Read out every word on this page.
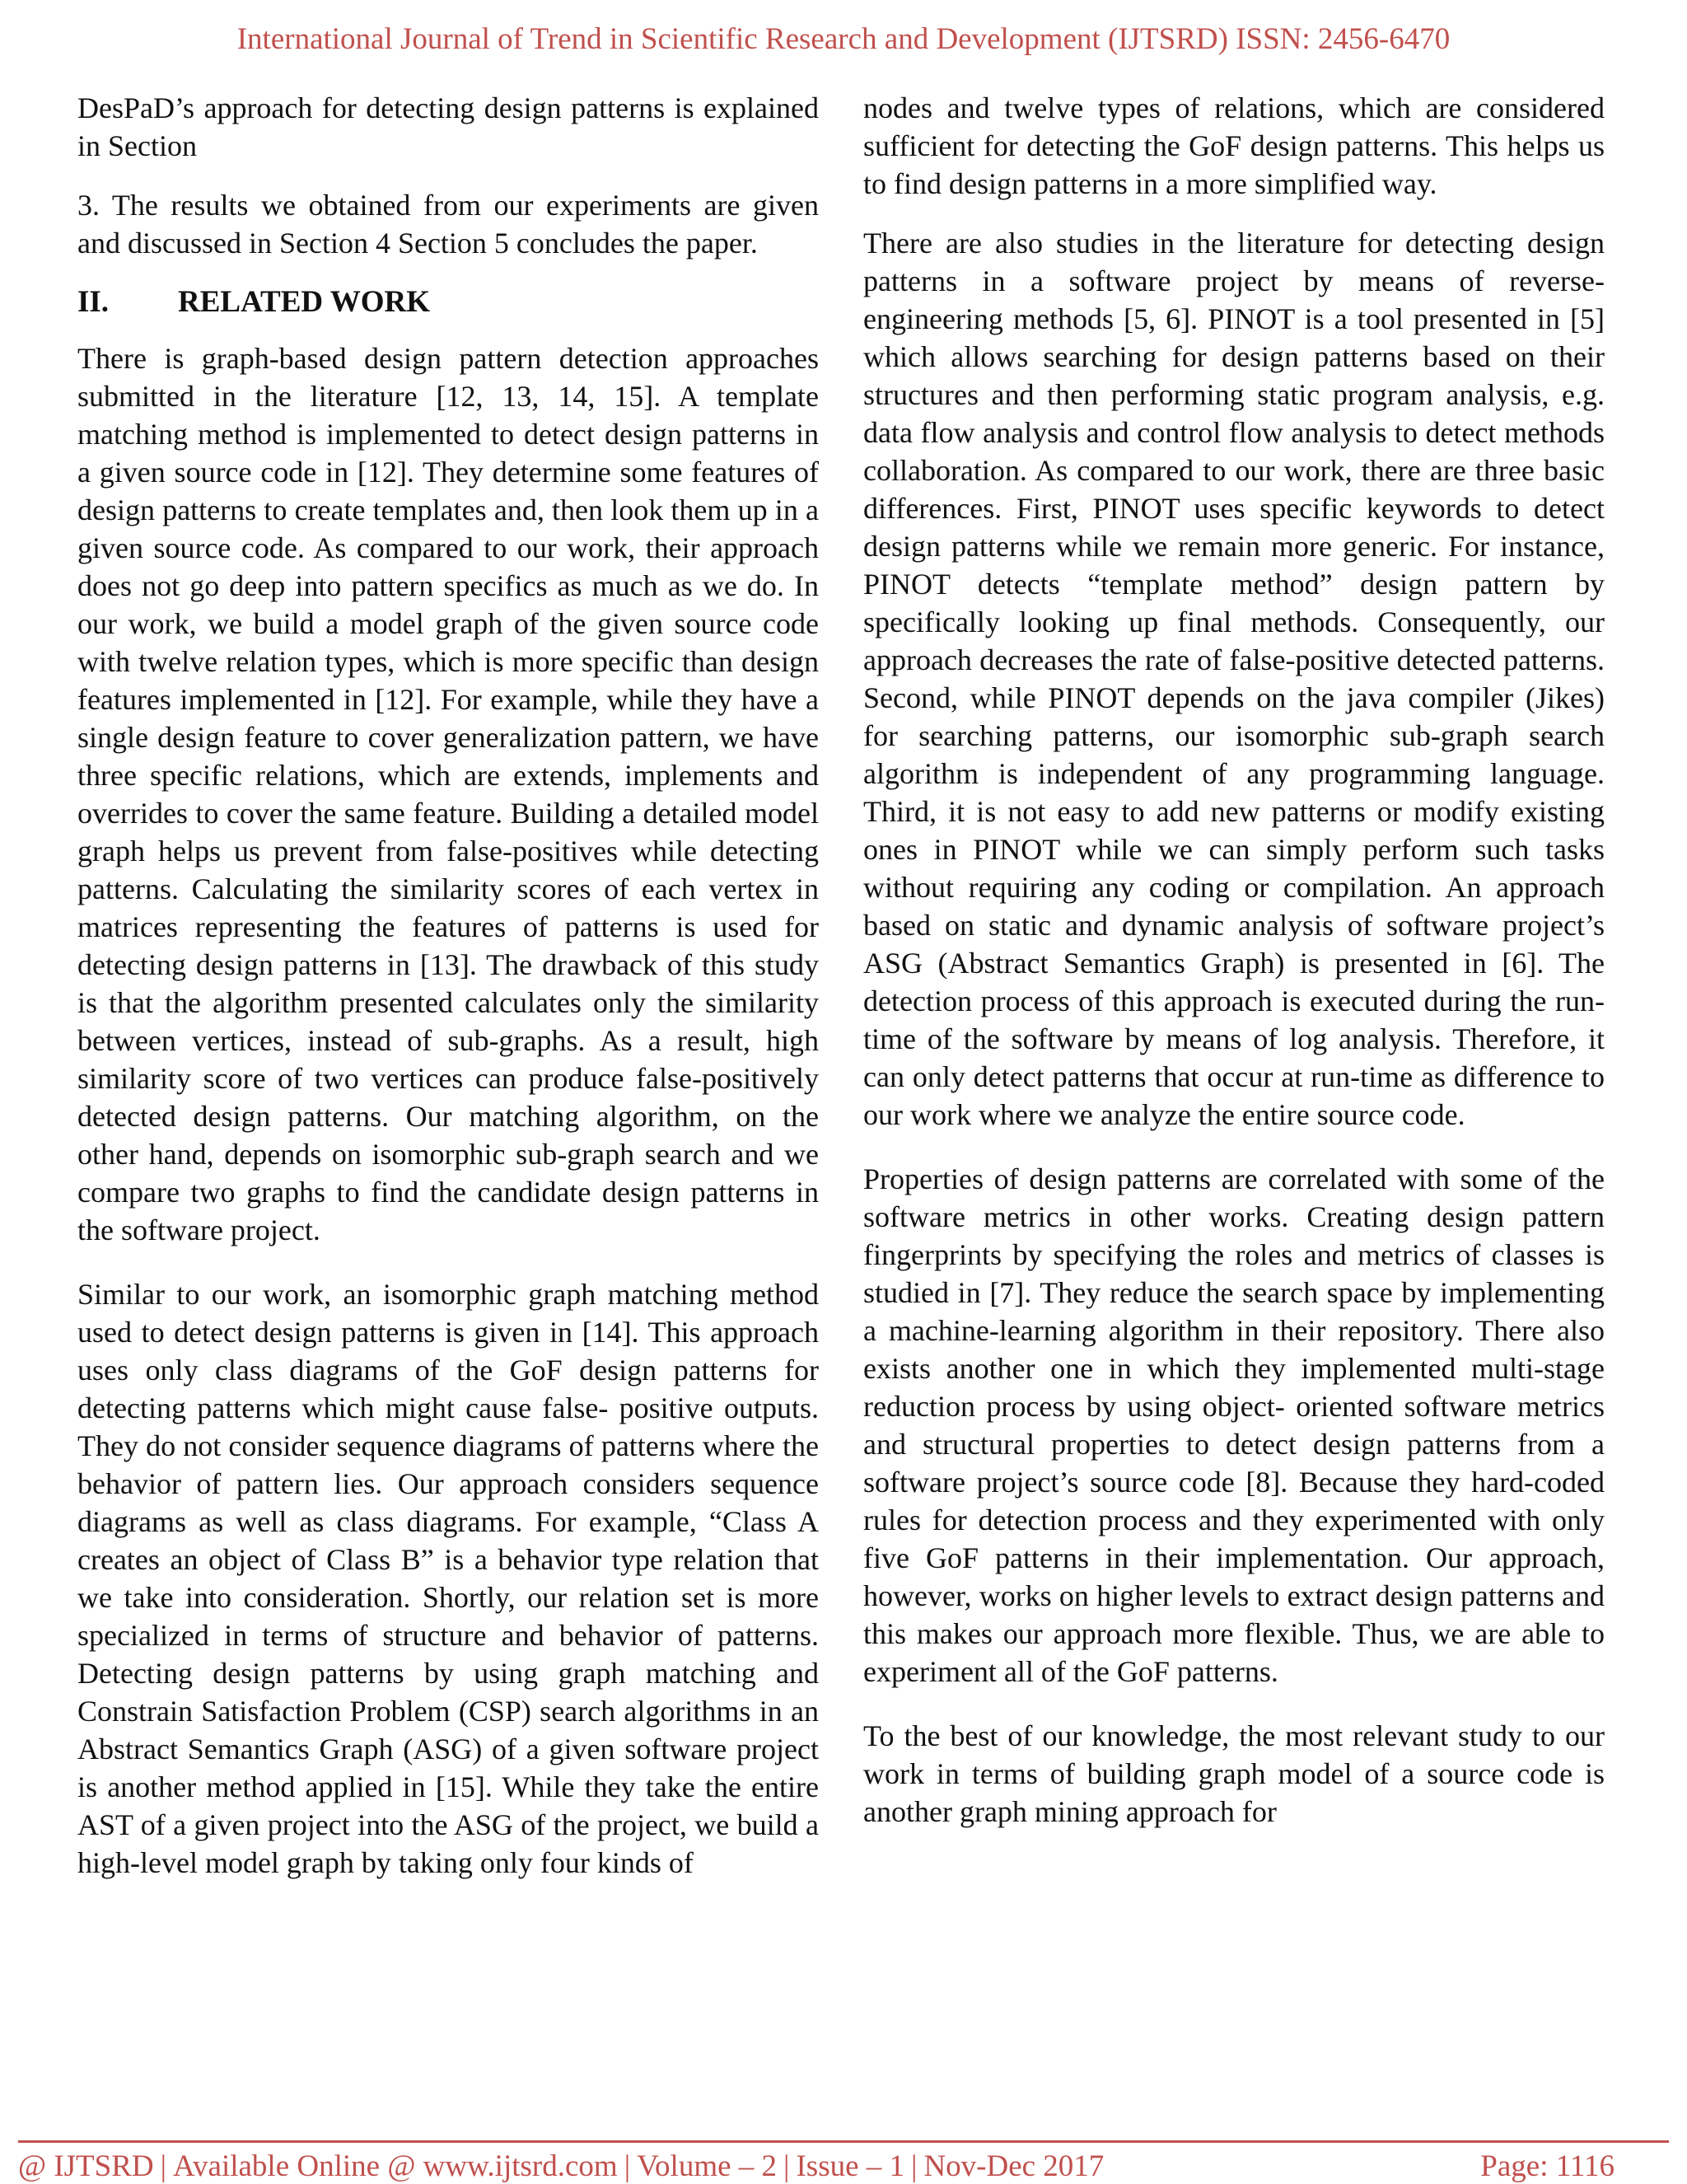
International Journal of Trend in Scientific Research and Development (IJTSRD) ISSN: 2456-6470

DesPaD’s approach for detecting design patterns is explained in Section

3. The results we obtained from our experiments are given and discussed in Section 4 Section 5 concludes the paper.

II. RELATED WORK

There is graph-based design pattern detection approaches submitted in the literature [12, 13, 14, 15]. A template matching method is implemented to detect design patterns in a given source code in [12]. They determine some features of design patterns to create templates and, then look them up in a given source code. As compared to our work, their approach does not go deep into pattern specifics as much as we do. In our work, we build a model graph of the given source code with twelve relation types, which is more specific than design features implemented in [12]. For example, while they have a single design feature to cover generalization pattern, we have three specific relations, which are extends, implements and overrides to cover the same feature. Building a detailed model graph helps us prevent from false-positives while detecting patterns. Calculating the similarity scores of each vertex in matrices representing the features of patterns is used for detecting design patterns in [13]. The drawback of this study is that the algorithm presented calculates only the similarity between vertices, instead of sub-graphs. As a result, high similarity score of two vertices can produce false-positively detected design patterns. Our matching algorithm, on the other hand, depends on isomorphic sub-graph search and we compare two graphs to find the candidate design patterns in the software project.

Similar to our work, an isomorphic graph matching method used to detect design patterns is given in [14]. This approach uses only class diagrams of the GoF design patterns for detecting patterns which might cause false- positive outputs. They do not consider sequence diagrams of patterns where the behavior of pattern lies. Our approach considers sequence diagrams as well as class diagrams. For example, “Class A creates an object of Class B” is a behavior type relation that we take into consideration. Shortly, our relation set is more specialized in terms of structure and behavior of patterns. Detecting design patterns by using graph matching and Constrain Satisfaction Problem (CSP) search algorithms in an Abstract Semantics Graph (ASG) of a given software project is another method applied in [15]. While they take the entire AST of a given project into the ASG of the project, we build a high-level model graph by taking only four kinds of

nodes and twelve types of relations, which are considered sufficient for detecting the GoF design patterns. This helps us to find design patterns in a more simplified way.

There are also studies in the literature for detecting design patterns in a software project by means of reverse- engineering methods [5, 6]. PINOT is a tool presented in [5] which allows searching for design patterns based on their structures and then performing static program analysis, e.g. data flow analysis and control flow analysis to detect methods collaboration. As compared to our work, there are three basic differences. First, PINOT uses specific keywords to detect design patterns while we remain more generic. For instance, PINOT detects “template method” design pattern by specifically looking up final methods. Consequently, our approach decreases the rate of false-positive detected patterns. Second, while PINOT depends on the java compiler (Jikes) for searching patterns, our isomorphic sub-graph search algorithm is independent of any programming language. Third, it is not easy to add new patterns or modify existing ones in PINOT while we can simply perform such tasks without requiring any coding or compilation. An approach based on static and dynamic analysis of software project’s ASG (Abstract Semantics Graph) is presented in [6]. The detection process of this approach is executed during the run-time of the software by means of log analysis. Therefore, it can only detect patterns that occur at run-time as difference to our work where we analyze the entire source code.

Properties of design patterns are correlated with some of the software metrics in other works. Creating design pattern fingerprints by specifying the roles and metrics of classes is studied in [7]. They reduce the search space by implementing a machine-learning algorithm in their repository. There also exists another one in which they implemented multi-stage reduction process by using object- oriented software metrics and structural properties to detect design patterns from a software project’s source code [8]. Because they hard-coded rules for detection process and they experimented with only five GoF patterns in their implementation. Our approach, however, works on higher levels to extract design patterns and this makes our approach more flexible. Thus, we are able to experiment all of the GoF patterns.

To the best of our knowledge, the most relevant study to our work in terms of building graph model of a source code is another graph mining approach for

@ IJTSRD | Available Online @ www.ijtsrd.com | Volume – 2 | Issue – 1 | Nov-Dec 2017	Page: 1116
